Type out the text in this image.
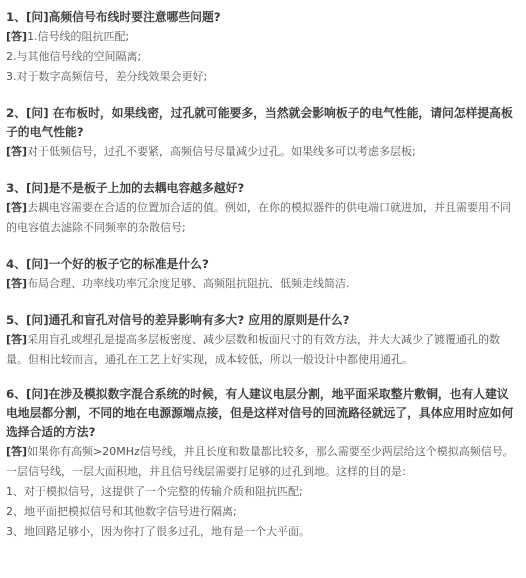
1、[问]高频信号布线时要注意哪些问题?

[答]1.信号线的阻抗匹配;

2.与其他信号线的空间隔离;

3.对于数字高频信号，差分线效果会更好;

2、[问] 在布板时，如果线密，过孔就可能要多，当然就会影响板子的电气性能，请问怎样提高板子的电气性能?

[答]对于低频信号，过孔不要紧，高频信号尽量减少过孔。如果线多可以考虑多层板;

3、[问]是不是板子上加的去耦电容越多越好?

[答]去耦电容需要在合适的位置加合适的值。例如，在你的模拟器件的供电端口就进加，并且需要用不同的电容值去滤除不同频率的杂散信号;

4、[问]一个好的板子它的标准是什么?

[答]布局合理、功率线功率冗余度足够、高频阻抗阻抗、低频走线简洁.

5、[问]通孔和盲孔对信号的差异影响有多大? 应用的原则是什么?

[答]采用盲孔或埋孔是提高多层板密度、减少层数和板面尺寸的有效方法，并大大减少了镀覆通孔的数量。但相比较而言，通孔在工艺上好实现，成本较低，所以一般设计中都使用通孔。

6、[问]在涉及模拟数字混合系统的时候，有人建议电层分割，地平面采取整片敷铜，也有人建议电地层都分割，不同的地在电源源端点接，但是这样对信号的回流路径就远了，具体应用时应如何选择合适的方法?

[答]如果你有高频>20MHz信号线，并且长度和数量都比较多，那么需要至少两层给这个模拟高频信号。一层信号线，一层大面积地，并且信号线层需要打足够的过孔到地。这样的目的是:

1、对于模拟信号，这提供了一个完整的传输介质和阻抗匹配;

2、地平面把模拟信号和其他数字信号进行隔离;

3、地回路足够小，因为你打了很多过孔，地有是一个大平面。
